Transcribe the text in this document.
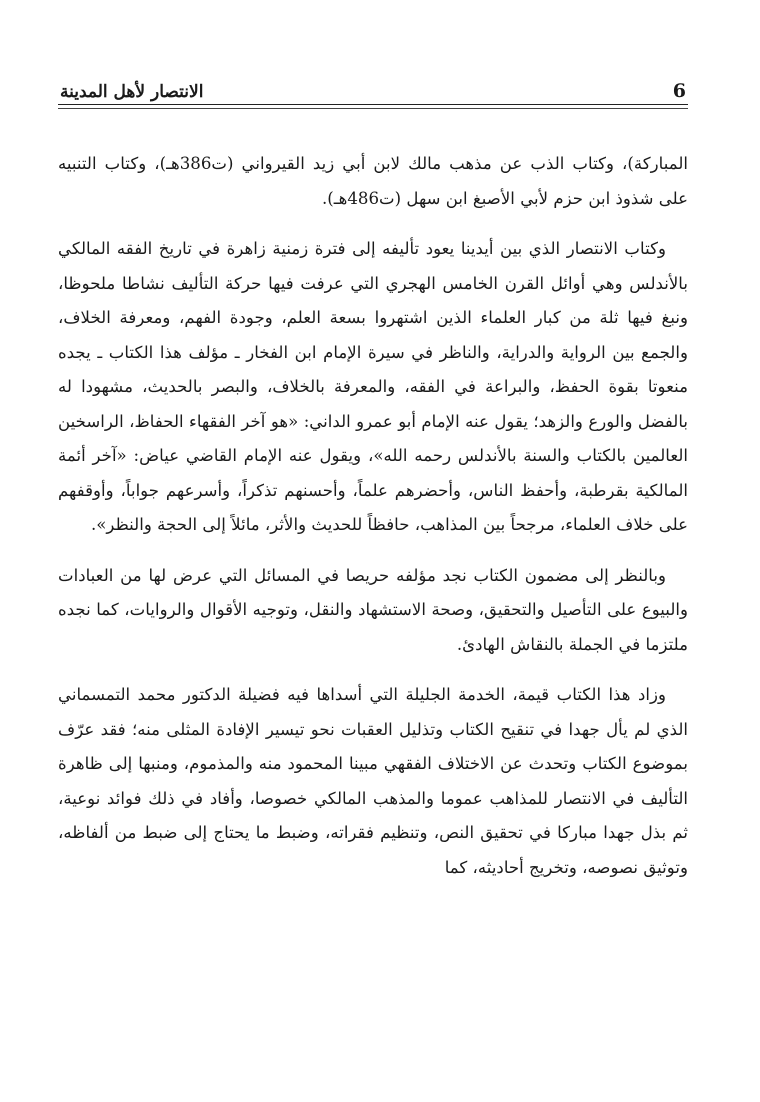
الانتصار لأهل المدينة	6

المباركة)، وكتاب الذب عن مذهب مالك لابن أبي زيد القيرواني (ت386هـ)، وكتاب التنبيه على شذوذ ابن حزم لأبي الأصبغ ابن سهل (ت486هـ).

وكتاب الانتصار الذي بين أيدينا يعود تأليفه إلى فترة زمنية زاهرة في تاريخ الفقه المالكي بالأندلس وهي أوائل القرن الخامس الهجري التي عرفت فيها حركة التأليف نشاطا ملحوظا، ونبغ فيها ثلة من كبار العلماء الذين اشتهروا بسعة العلم، وجودة الفهم، ومعرفة الخلاف، والجمع بين الرواية والدراية، والناظر في سيرة الإمام ابن الفخار ـ مؤلف هذا الكتاب ـ يجده منعوتا بقوة الحفظ، والبراعة في الفقه، والمعرفة بالخلاف، والبصر بالحديث، مشهودا له بالفضل والورع والزهد؛ يقول عنه الإمام أبو عمرو الداني: «هو آخر الفقهاء الحفاظ، الراسخين العالمين بالكتاب والسنة بالأندلس رحمه الله»، ويقول عنه الإمام القاضي عياض: «آخر أئمة المالكية بقرطبة، وأحفظ الناس، وأحضرهم علماً، وأحسنهم تذكراً، وأسرعهم جواباً، وأوقفهم على خلاف العلماء، مرجحاً بين المذاهب، حافظاً للحديث والأثر، مائلاً إلى الحجة والنظر».

وبالنظر إلى مضمون الكتاب نجد مؤلفه حريصا في المسائل التي عرض لها من العبادات والبيوع على التأصيل والتحقيق، وصحة الاستشهاد والنقل، وتوجيه الأقوال والروايات، كما نجده ملتزما في الجملة بالنقاش الهادئ.

وزاد هذا الكتاب قيمة، الخدمة الجليلة التي أسداها فيه فضيلة الدكتور محمد التمسماني الذي لم يأل جهدا في تنقيح الكتاب وتذليل العقبات نحو تيسير الإفادة المثلى منه؛ فقد عرّف بموضوع الكتاب وتحدث عن الاختلاف الفقهي مبينا المحمود منه والمذموم، ومنبها إلى ظاهرة التأليف في الانتصار للمذاهب عموما والمذهب المالكي خصوصا، وأفاد في ذلك فوائد نوعية، ثم بذل جهدا مباركا في تحقيق النص، وتنظيم فقراته، وضبط ما يحتاج إلى ضبط من ألفاظه، وتوثيق نصوصه، وتخريج أحاديثه، كما
